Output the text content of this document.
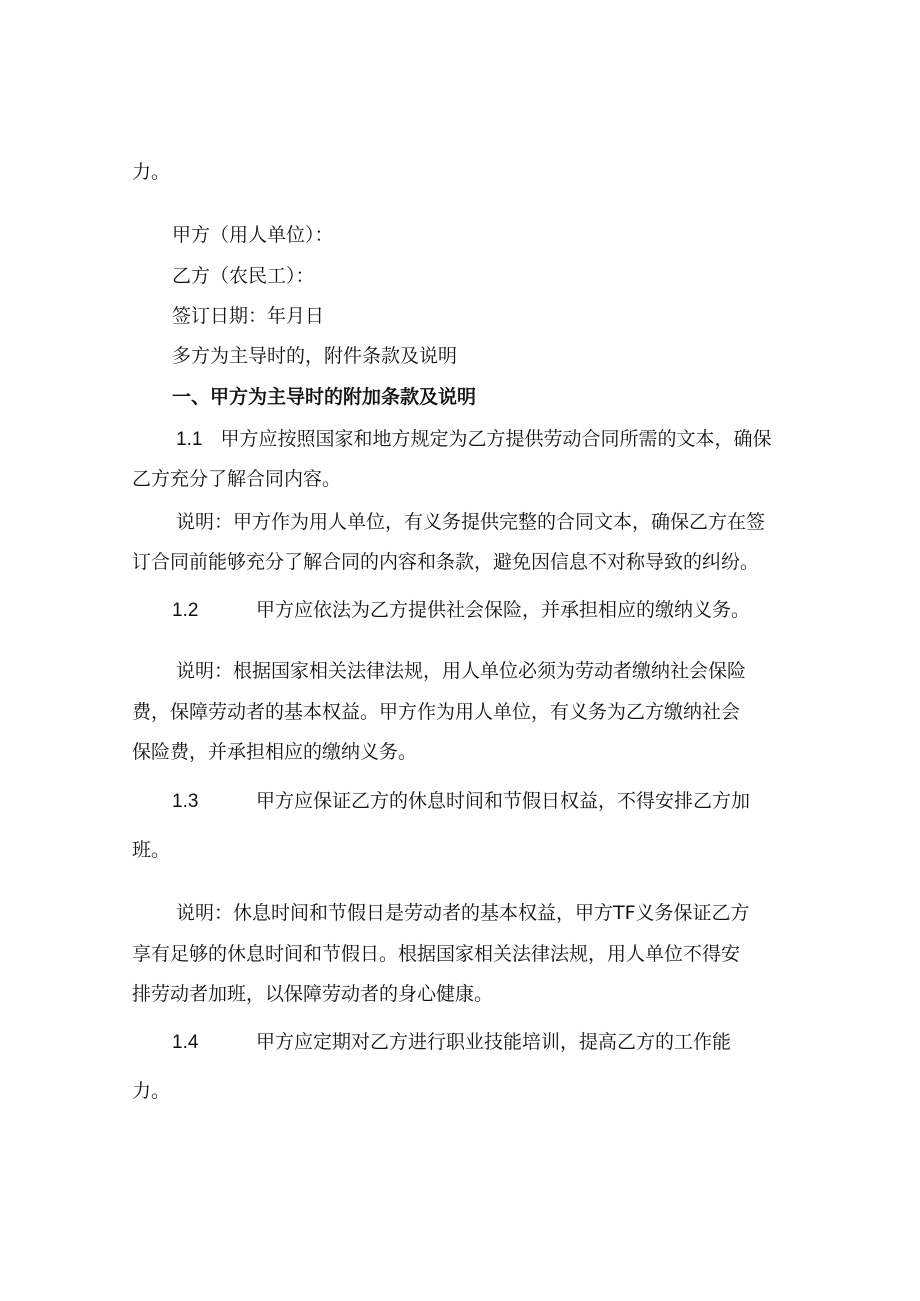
力。

甲方（用人单位）：

乙方（农民工）：

签订日期：年月日

多方为主导时的，附件条款及说明

一、甲方为主导时的附加条款及说明

1.1 甲方应按照国家和地方规定为乙方提供劳动合同所需的文本，确保

乙方充分了解合同内容。

说明：甲方作为用人单位，有义务提供完整的合同文本，确保乙方在签

订合同前能够充分了解合同的内容和条款，避免因信息不对称导致的纠纷。

1.2	甲方应依法为乙方提供社会保险，并承担相应的缴纳义务。

说明：根据国家相关法律法规，用人单位必须为劳动者缴纳社会保险

费，保障劳动者的基本权益。甲方作为用人单位，有义务为乙方缴纳社会

保险费，并承担相应的缴纳义务。

1.3	甲方应保证乙方的休息时间和节假日权益，不得安排乙方加

班。

说明：休息时间和节假日是劳动者的基本权益，甲方TF义务保证乙方

享有足够的休息时间和节假日。根据国家相关法律法规，用人单位不得安

排劳动者加班，以保障劳动者的身心健康。

1.4	甲方应定期对乙方进行职业技能培训，提高乙方的工作能

力。
